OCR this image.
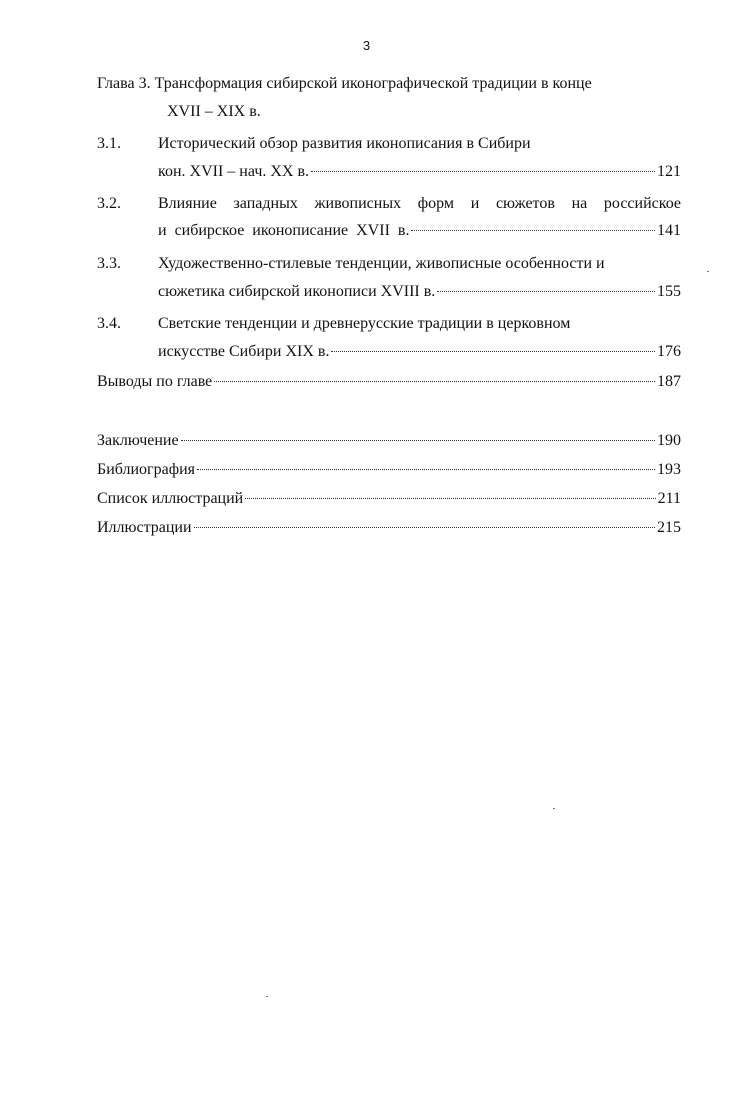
3
Глава 3. Трансформация сибирской иконографической традиции в конце
XVII – XIX в.
3.1. Исторический обзор развития иконописания в Сибири
кон. XVII – нач. XX в.	121
3.2. Влияние западных живописных форм и сюжетов на российское
и сибирское иконописание XVII в.	141
3.3. Художественно-стилевые тенденции, живописные особенности и
сюжетика сибирской иконописи XVIII в.	155
3.4. Светские тенденции и древнерусские традиции в церковном
искусстве Сибири XIX в.	176
Выводы по главе	187
Заключение	190
Библиография	193
Список иллюстраций	211
Иллюстрации	215
